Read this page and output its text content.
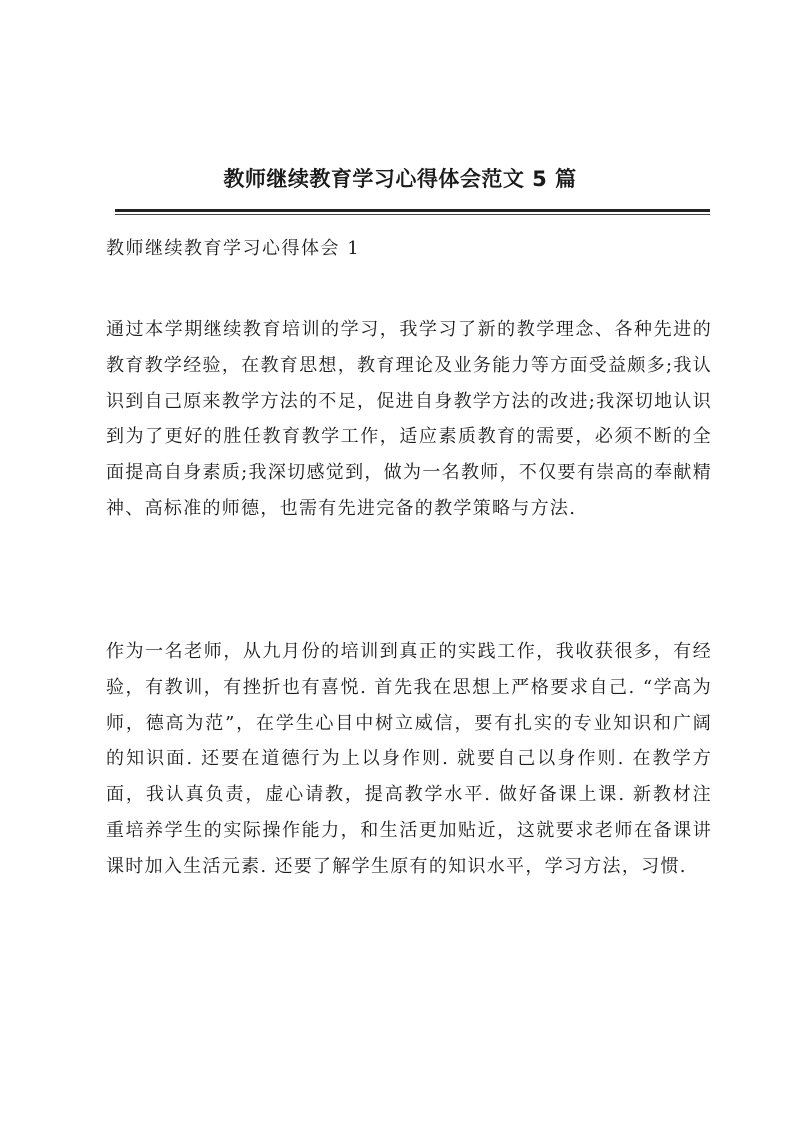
教师继续教育学习心得体会范文 5 篇
教师继续教育学习心得体会 1

通过本学期继续教育培训的学习，我学习了新的教学理念、各种先进的教育教学经验，在教育思想，教育理论及业务能力等方面受益颇多;我认识到自己原来教学方法的不足，促进自身教学方法的改进;我深切地认识到为了更好的胜任教育教学工作，适应素质教育的需要，必须不断的全面提高自身素质;我深切感觉到，做为一名教师，不仅要有崇高的奉献精神、高标准的师德，也需有先进完备的教学策略与方法.

作为一名老师，从九月份的培训到真正的实践工作，我收获很多，有经验，有教训，有挫折也有喜悦. 首先我在思想上严格要求自己. “学高为师，德高为范”，在学生心目中树立威信，要有扎实的专业知识和广阔的知识面. 还要在道德行为上以身作则. 就要自己以身作则. 在教学方面，我认真负责，虚心请教，提高教学水平. 做好备课上课. 新教材注重培养学生的实际操作能力，和生活更加贴近，这就要求老师在备课讲课时加入生活元素. 还要了解学生原有的知识水平，学习方法，习惯.
